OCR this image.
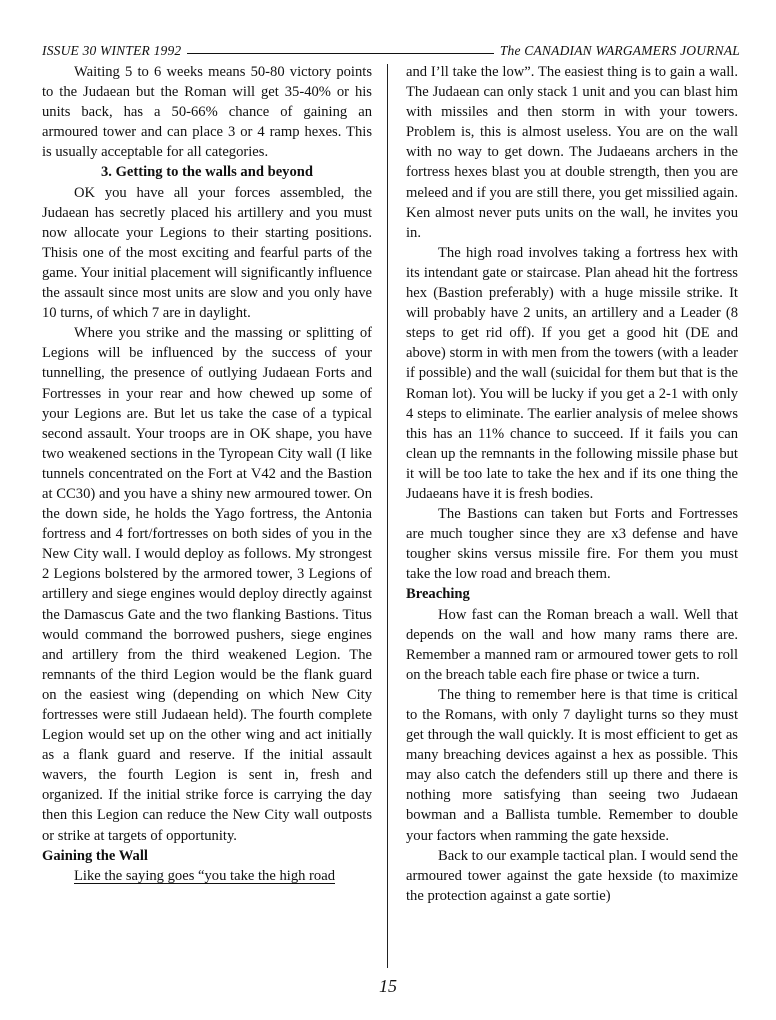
ISSUE 30 WINTER 1992	The CANADIAN WARGAMERS JOURNAL

Waiting 5 to 6 weeks means 50-80 victory points to the Judaean but the Roman will get 35-40% or his units back, has a 50-66% chance of gaining an armoured tower and can place 3 or 4 ramp hexes. This is usually acceptable for all categories.

3. Getting to the walls and beyond

OK you have all your forces assembled, the Judaean has secretly placed his artillery and you must now allocate your Legions to their starting positions. Thisis one of the most exciting and fearful parts of the game. Your initial placement will significantly influence the assault since most units are slow and you only have 10 turns, of which 7 are in daylight.

Where you strike and the massing or splitting of Legions will be influenced by the success of your tunnelling, the presence of outlying Judaean Forts and Fortresses in your rear and how chewed up some of your Legions are. But let us take the case of a typical second assault. Your troops are in OK shape, you have two weakened sections in the Tyropean City wall (I like tunnels concentrated on the Fort at V42 and the Bastion at CC30) and you have a shiny new armoured tower. On the down side, he holds the Yago fortress, the Antonia fortress and 4 fort/fortresses on both sides of you in the New City wall. I would deploy as follows. My strongest 2 Legions bolstered by the armored tower, 3 Legions of artillery and siege engines would deploy directly against the Damascus Gate and the two flanking Bastions. Titus would command the borrowed pushers, siege engines and artillery from the third weakened Legion. The remnants of the third Legion would be the flank guard on the easiest wing (depending on which New City fortresses were still Judaean held). The fourth complete Legion would set up on the other wing and act initially as a flank guard and reserve. If the initial assault wavers, the fourth Legion is sent in, fresh and organized. If the initial strike force is carrying the day then this Legion can reduce the New City wall outposts or strike at targets of opportunity.

Gaining the Wall

Like the saying goes “you take the high road

and I’ll take the low”. The easiest thing is to gain a wall. The Judaean can only stack 1 unit and you can blast him with missiles and then storm in with your towers. Problem is, this is almost useless. You are on the wall with no way to get down. The Judaeans archers in the fortress hexes blast you at double strength, then you are meleed and if you are still there, you get missilied again. Ken almost never puts units on the wall, he invites you in.

The high road involves taking a fortress hex with its intendant gate or staircase. Plan ahead hit the fortress hex (Bastion preferably) with a huge missile strike. It will probably have 2 units, an artillery and a Leader (8 steps to get rid off). If you get a good hit (DE and above) storm in with men from the towers (with a leader if possible) and the wall (suicidal for them but that is the Roman lot). You will be lucky if you get a 2-1 with only 4 steps to eliminate. The earlier analysis of melee shows this has an 11% chance to succeed. If it fails you can clean up the remnants in the following missile phase but it will be too late to take the hex and if its one thing the Judaeans have it is fresh bodies.

The Bastions can taken but Forts and Fortresses are much tougher since they are x3 defense and have tougher skins versus missile fire. For them you must take the low road and breach them.

Breaching

How fast can the Roman breach a wall. Well that depends on the wall and how many rams there are. Remember a manned ram or armoured tower gets to roll on the breach table each fire phase or twice a turn.

The thing to remember here is that time is critical to the Romans, with only 7 daylight turns so they must get through the wall quickly. It is most efficient to get as many breaching devices against a hex as possible. This may also catch the defenders still up there and there is nothing more satisfying than seeing two Judaean bowman and a Ballista tumble. Remember to double your factors when ramming the gate hexside.

Back to our example tactical plan. I would send the armoured tower against the gate hexside (to maximize the protection against a gate sortie)

15
